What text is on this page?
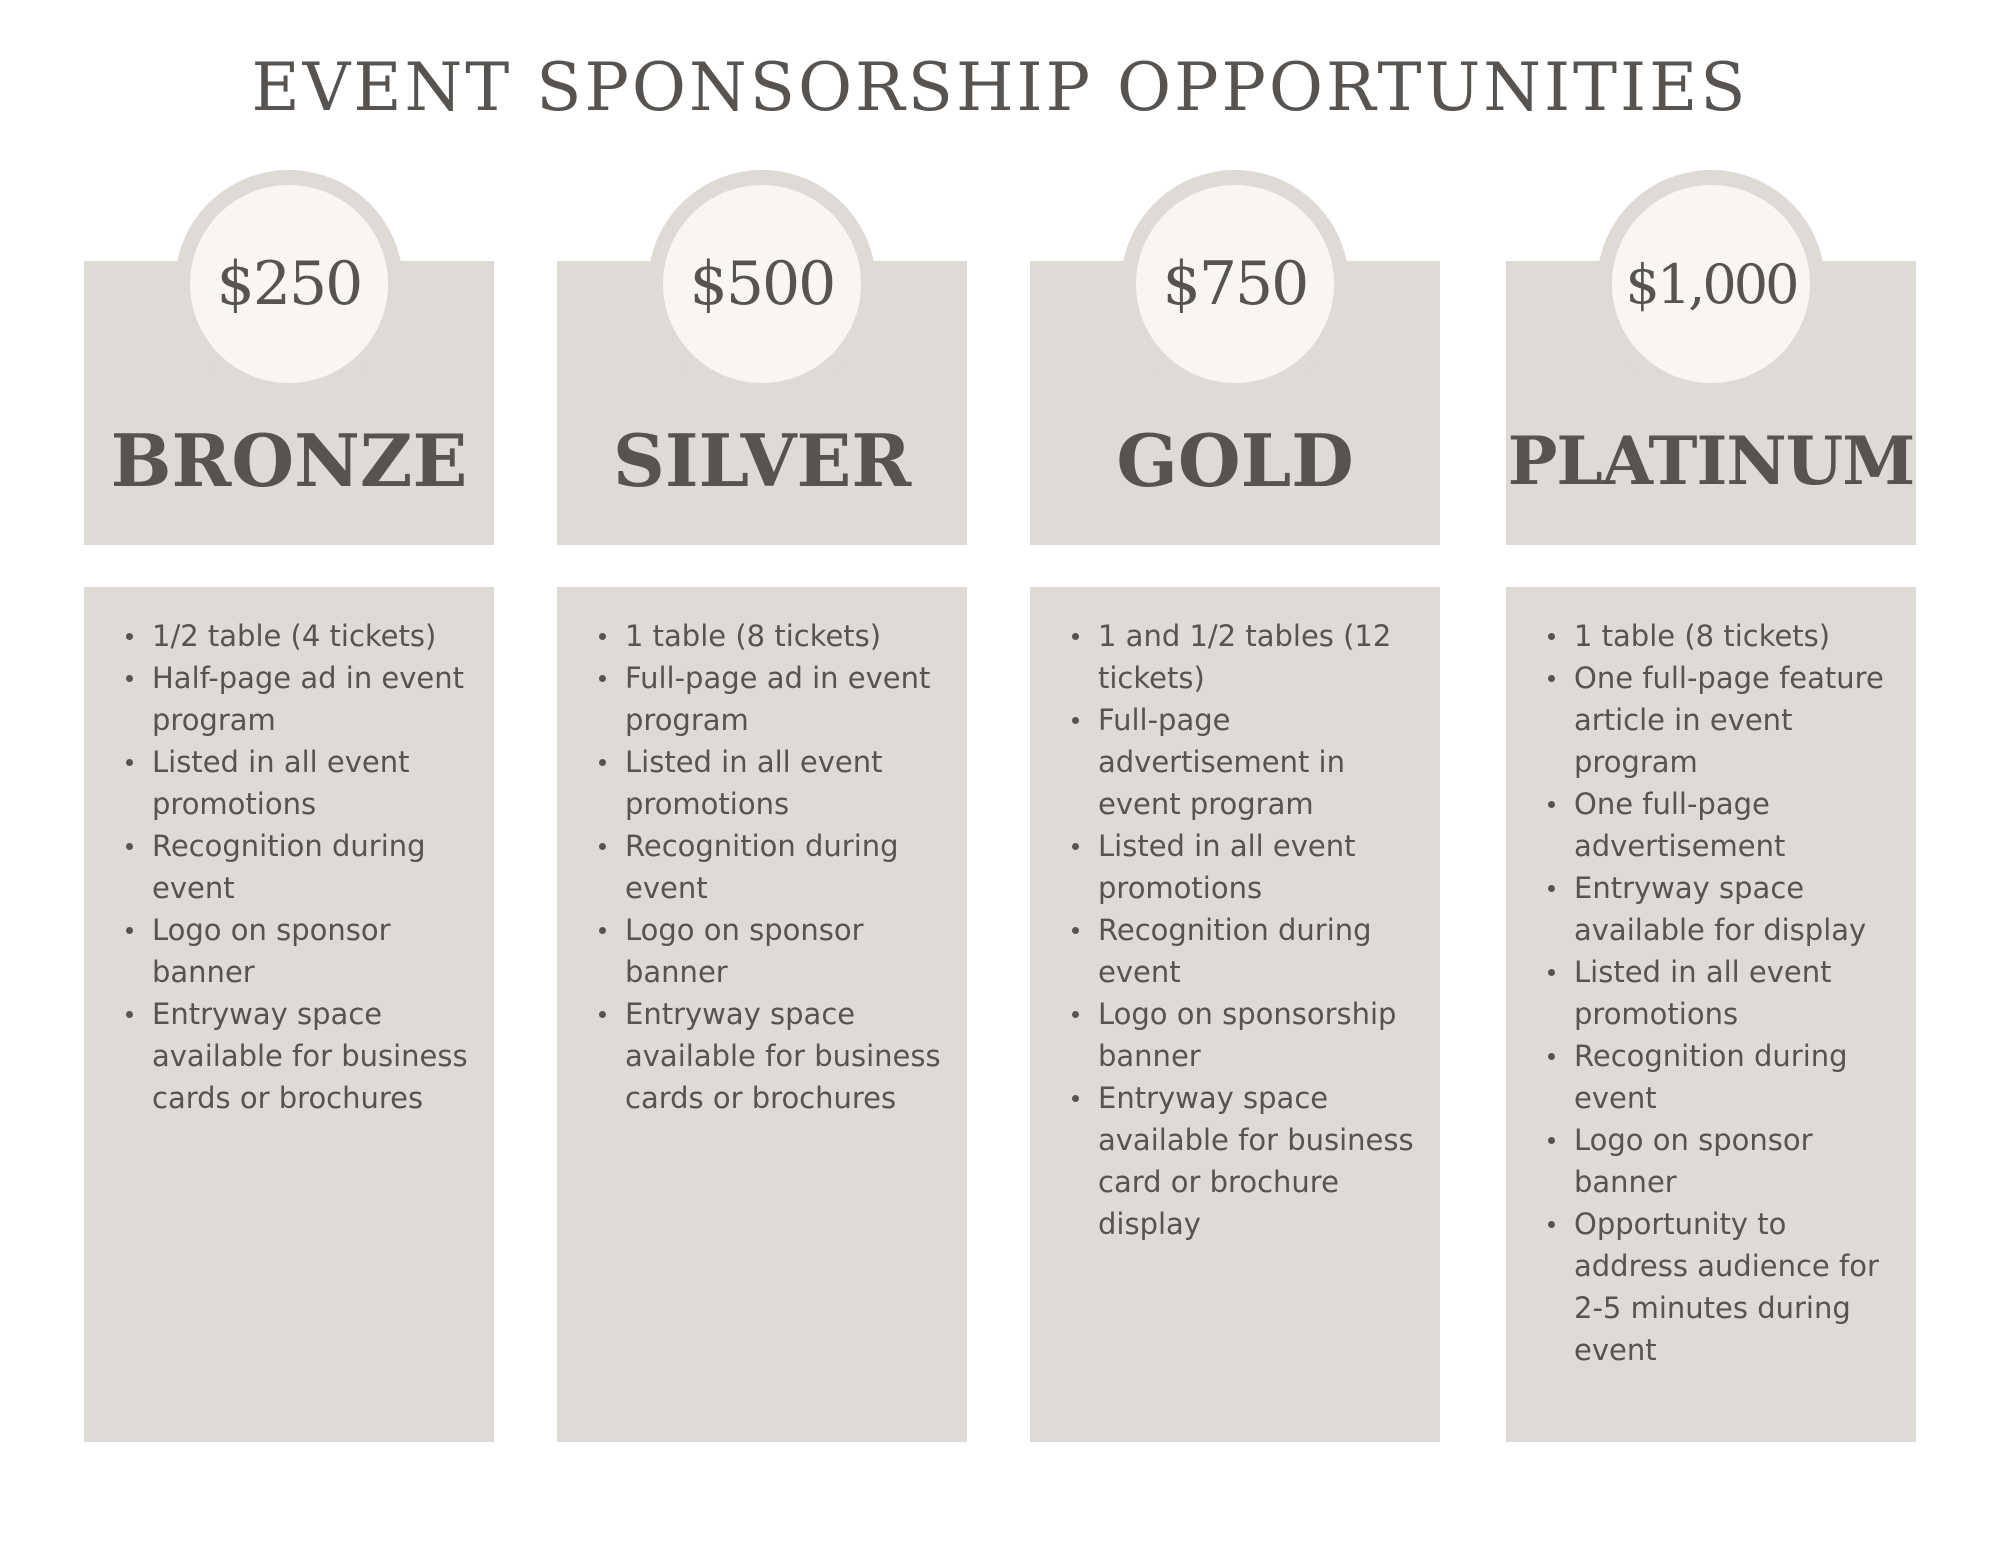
EVENT SPONSORSHIP OPPORTUNITIES
$250
BRONZE
1/2 table (4 tickets)
Half-page ad in event program
Listed in all event promotions
Recognition during event
Logo on sponsor banner
Entryway space available for business cards or brochures
$500
SILVER
1 table (8 tickets)
Full-page ad in event program
Listed in all event promotions
Recognition during event
Logo on sponsor banner
Entryway space available for business cards or brochures
$750
GOLD
1 and 1/2 tables (12 tickets)
Full-page advertisement in event program
Listed in all event promotions
Recognition during event
Logo on sponsorship banner
Entryway space available for business card or brochure display
$1,000
PLATINUM
1 table (8 tickets)
One full-page feature article in event program
One full-page advertisement
Entryway space available for display
Listed in all event promotions
Recognition during event
Logo on sponsor banner
Opportunity to address audience for 2-5 minutes during event
